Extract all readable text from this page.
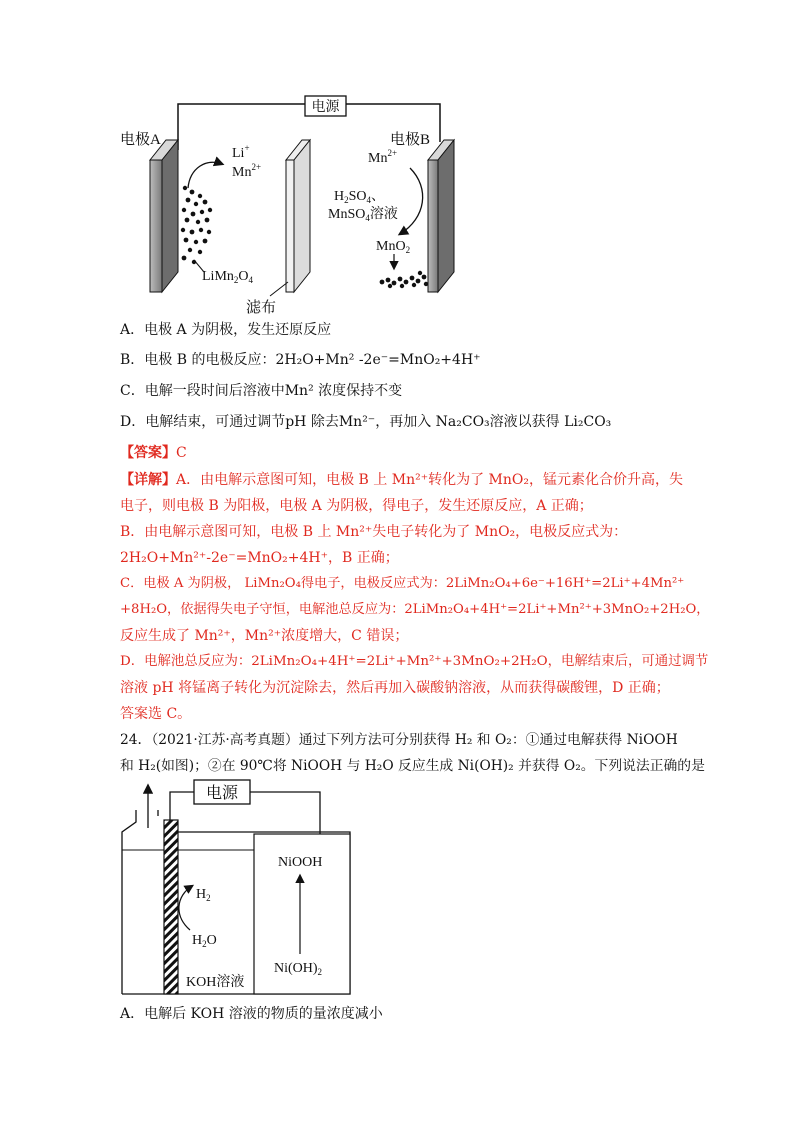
电源
电极A	电极B
Li+
$Mn^{2+}$
$Mn^{2+}$
$H_2SO_4$、
MnSO$_4$溶液
MnO$_2$
$LiMn_2O_4$
滤布
A．电极 A 为阴极，发生还原反应
B．电极 B 的电极反应：2H₂O+Mn² -2e⁻=MnO₂+4H⁺
C．电解一段时间后溶液中Mn² 浓度保持不变
D．电解结束，可通过调节pH 除去Mn²⁻，再加入 Na₂CO₃溶液以获得 Li₂CO₃
【答案】C
【详解】A．由电解示意图可知，电极 B 上 Mn²⁺转化为了 MnO₂，锰元素化合价升高，失
电子，则电极 B 为阳极，电极 A 为阴极，得电子，发生还原反应，A 正确；
B．由电解示意图可知，电极 B 上 Mn²⁺失电子转化为了 MnO₂，电极反应式为：
2H₂O+Mn²⁺-2e⁻=MnO₂+4H⁺，B 正确；
C．电极 A 为阴极， LiMn₂O₄得电子，电极反应式为：2LiMn₂O₄+6e⁻+16H⁺=2Li⁺+4Mn²⁺
+8H₂O，依据得失电子守恒，电解池总反应为：2LiMn₂O₄+4H⁺=2Li⁺+Mn²⁺+3MnO₂+2H₂O，
反应生成了 Mn²⁺，Mn²⁺浓度增大，C 错误；
D．电解池总反应为：2LiMn₂O₄+4H⁺=2Li⁺+Mn²⁺+3MnO₂+2H₂O，电解结束后，可通过调节
溶液 pH 将锰离子转化为沉淀除去，然后再加入碳酸钠溶液，从而获得碳酸锂，D 正确；
答案选 C。
24．（2021·江苏·高考真题）通过下列方法可分别获得 H₂ 和 O₂：①通过电解获得 NiOOH
和 H₂(如图)；②在 90℃将 NiOOH 与 H₂O 反应生成 Ni(OH)₂ 并获得 O₂。下列说法正确的是
电源
$H_2$
$H_2O$
NiOOH
$Ni(OH)_2$
KOH溶液
A．电解后 KOH 溶液的物质的量浓度减小
